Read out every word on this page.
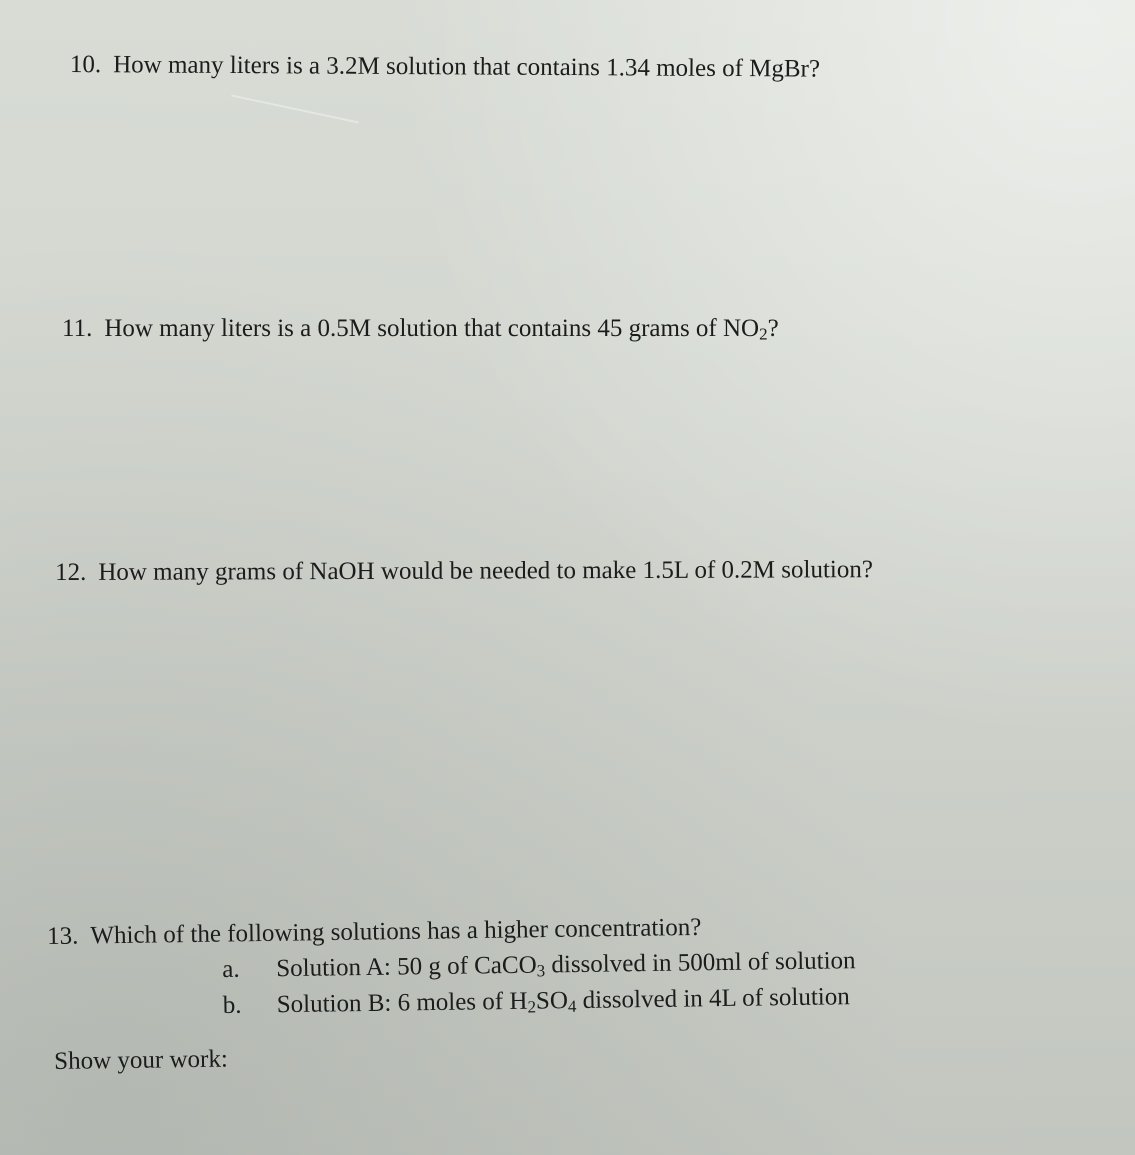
10. How many liters is a 3.2M solution that contains 1.34 moles of MgBr?
11. How many liters is a 0.5M solution that contains 45 grams of $NO_2$?
12. How many grams of NaOH would be needed to make 1.5L of 0.2M solution?
13. Which of the following solutions has a higher concentration?
a. Solution A: 50 g of CaCO$_3$ dissolved in 500ml of solution
b. Solution B: 6 moles of $H_2SO_4$ dissolved in 4L of solution
Show your work:
